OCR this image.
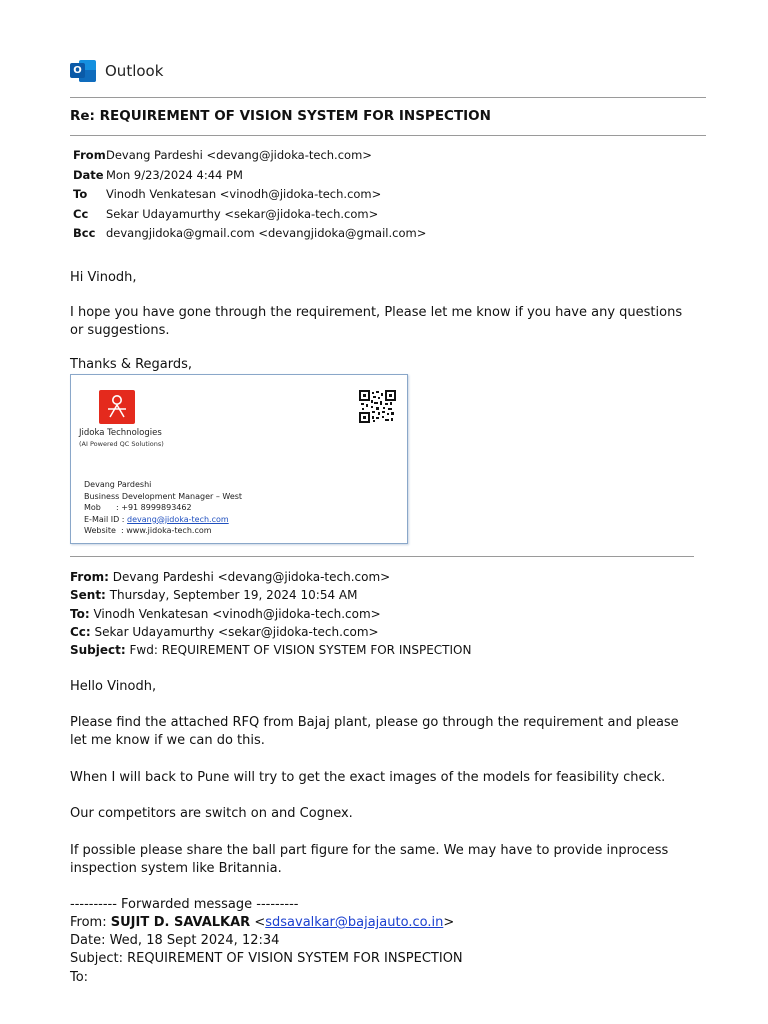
O Outlook
Re: REQUIREMENT OF VISION SYSTEM FOR INSPECTION
From Devang Pardeshi <devang@jidoka-tech.com>
Date Mon 9/23/2024 4:44 PM
To	Vinodh Venkatesan <vinodh@jidoka-tech.com>
Cc	Sekar Udayamurthy <sekar@jidoka-tech.com>
Bcc devangjidoka@gmail.com <devangjidoka@gmail.com>
Hi Vinodh,
I hope you have gone through the requirement, Please let me know if you have any questions or suggestions.
Thanks & Regards,
Jidoka Technologies
(AI Powered QC Solutions)
Devang Pardeshi
Business Development Manager – West
Mob : +91 8999893462
E-Mail ID : devang@jidoka-tech.com
Website : www.jidoka-tech.com
From: Devang Pardeshi <devang@jidoka-tech.com>
Sent: Thursday, September 19, 2024 10:54 AM
To: Vinodh Venkatesan <vinodh@jidoka-tech.com>
Cc: Sekar Udayamurthy <sekar@jidoka-tech.com>
Subject: Fwd: REQUIREMENT OF VISION SYSTEM FOR INSPECTION
Hello Vinodh,
Please find the attached RFQ from Bajaj plant, please go through the requirement and please let me know if we can do this.
When I will back to Pune will try to get the exact images of the models for feasibility check.
Our competitors are switch on and Cognex.
If possible please share the ball part figure for the same. We may have to provide inprocess inspection system like Britannia.
---------- Forwarded message ---------
From: SUJIT D. SAVALKAR <sdsavalkar@bajajauto.co.in>
Date: Wed, 18 Sept 2024, 12:34
Subject: REQUIREMENT OF VISION SYSTEM FOR INSPECTION
To:
